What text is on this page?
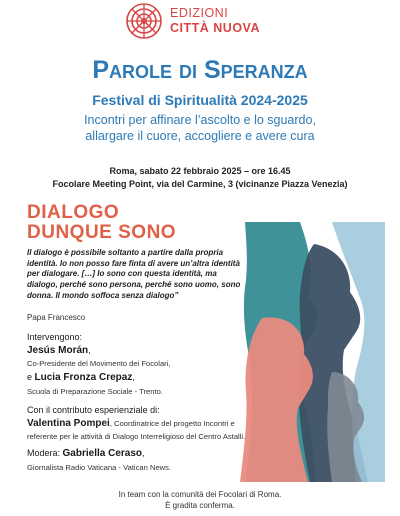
EDIZIONI
CITTÀ NUOVA
Parole di Speranza
Festival di Spiritualità 2024-2025
Incontri per affinare l’ascolto e lo sguardo,
allargare il cuore, accogliere e avere cura
Roma, sabato 22 febbraio 2025 – ore 16.45
Focolare Meeting Point, via del Carmine, 3 (vicinanze Piazza Venezia)
DIALOGO
DUNQUE SONO
Il dialogo è possibile soltanto a partire dalla propria identità. Io non posso fare finta di avere un’altra identità per dialogare. […] Io sono con questa identità, ma dialogo, perché sono persona, perché sono uomo, sono donna. Il mondo soffoca senza dialogo”
Papa Francesco
Intervengono:
Jesús Morán,
Co-Presidente del Movimento dei Focolari,
e Lucia Fronza Crepaz,
Scuola di Preparazione Sociale - Trento.
Con il contributo esperienziale di:
Valentina Pompei, Coordinatrice del progetto Incontri e
referente per le attività di Dialogo Interreligioso del Centro Astalli.
Modera: Gabriella Ceraso,
Giornalista Radio Vaticana - Vatican News.
In team con la comunità dei Focolari di Roma.
È gradita conferma.
